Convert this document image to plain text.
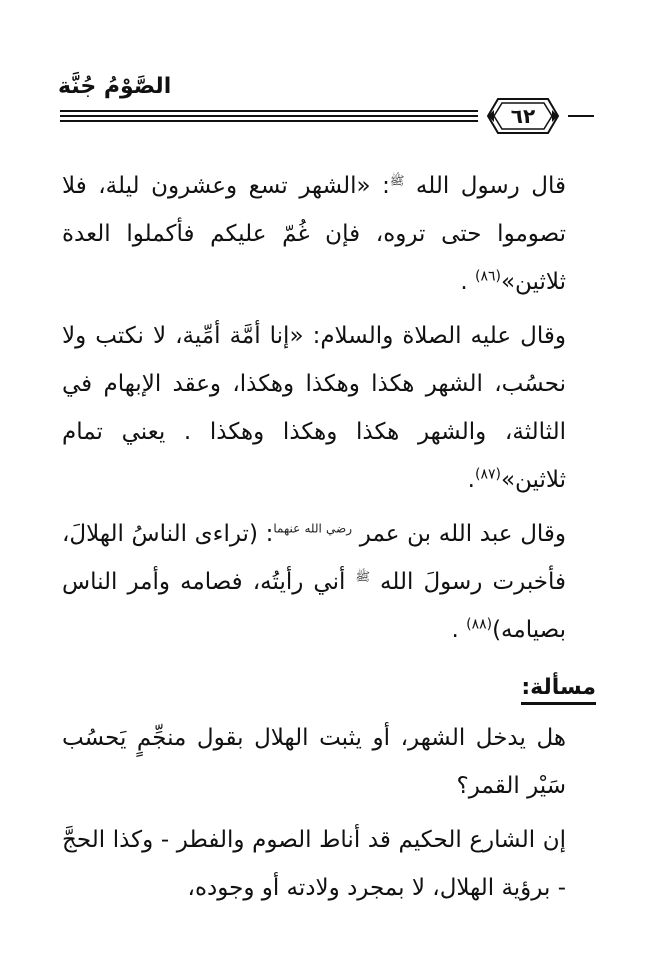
الصَّوْمُ جُنَّة
٦٢

قال رسول الله $^ﷺ$: «الشهر تسع وعشرون ليلة، فلا تصوموا حتى تروه، فإن غُمّ عليكم فأكملوا العدة ثلاثين»$^{(٨٦)}$ .

وقال عليه الصلاة والسلام: «إنا أمَّة أمِّية، لا نكتب ولا نحسُب، الشهر هكذا وهكذا وهكذا، وعقد الإبهام في الثالثة، والشهر هكذا وهكذا وهكذا . يعني تمام ثلاثين»$^{(٨٧)}$.

وقال عبد الله بن عمر $^{رضي الله عنهما}$: (تراءى الناسُ الهلالَ، فأخبرت رسولَ الله $^ﷺ$ أني رأيتُه، فصامه وأمر الناس بصيامه)$^{(٨٨)}$ .

مسألة:

هل يدخل الشهر، أو يثبت الهلال بقول منجِّمٍ يَحسُب سَيْر القمر؟

إن الشارع الحكيم قد أناط الصوم والفطر - وكذا الحجَّ - برؤية الهلال، لا بمجرد ولادته أو وجوده،
